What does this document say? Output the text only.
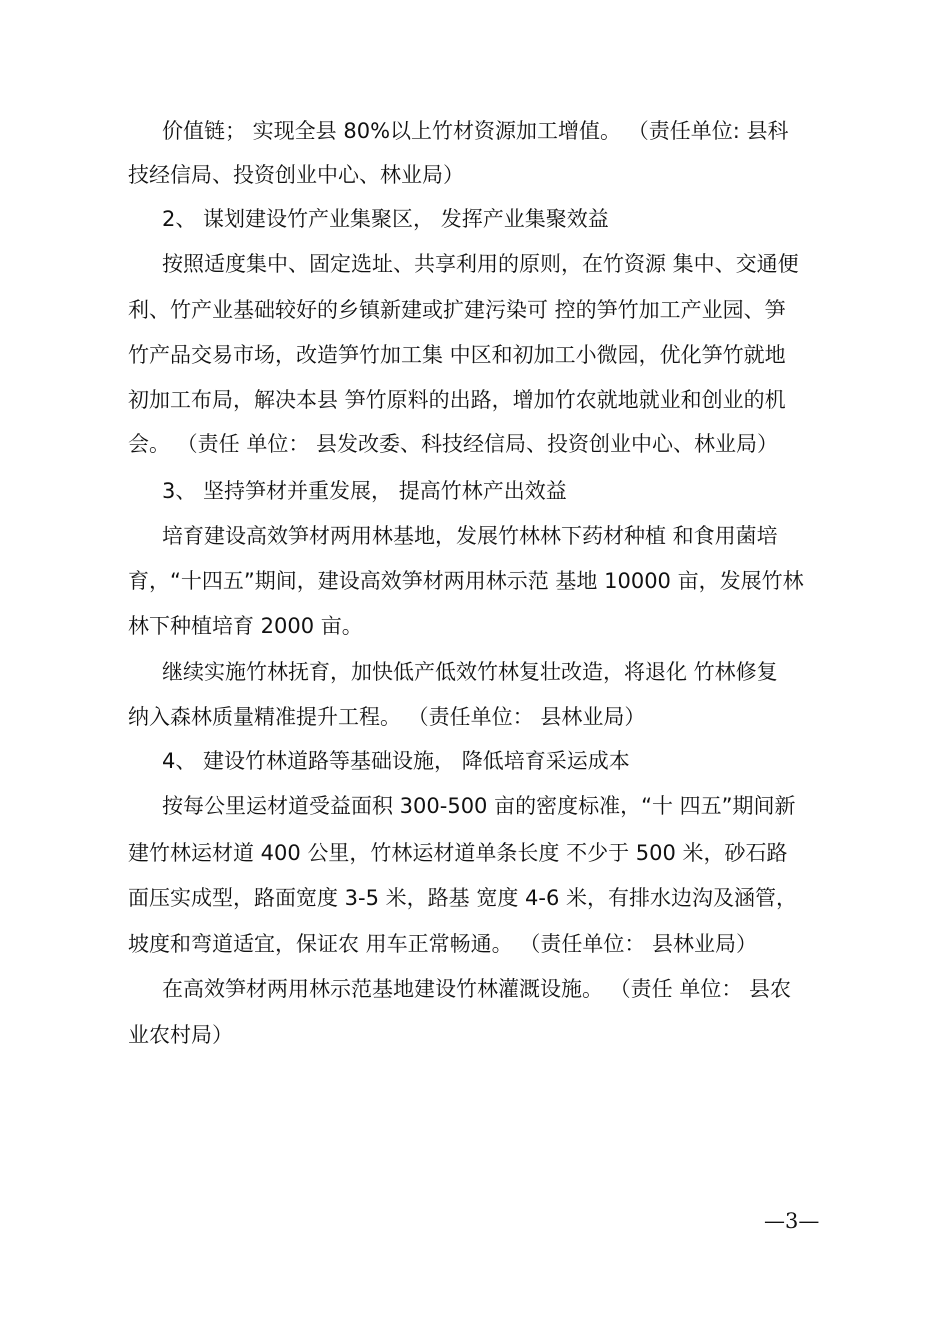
价值链； 实现全县 80%以上竹材资源加工增值。 （责任单位: 县科
技经信局、投资创业中心、林业局）
2、 谋划建设竹产业集聚区， 发挥产业集聚效益
按照适度集中、固定选址、共享利用的原则，在竹资源 集中、交通便
利、竹产业基础较好的乡镇新建或扩建污染可 控的笋竹加工产业园、笋
竹产品交易市场，改造笋竹加工集 中区和初加工小微园，优化笋竹就地
初加工布局，解决本县 笋竹原料的出路，增加竹农就地就业和创业的机
会。 （责任 单位： 县发改委、科技经信局、投资创业中心、林业局）
3、 坚持笋材并重发展， 提高竹林产出效益
培育建设高效笋材两用林基地，发展竹林林下药材种植 和食用菌培
育，“十四五”期间，建设高效笋材两用林示范 基地 10000 亩，发展竹林
林下种植培育 2000 亩。
继续实施竹林抚育，加快低产低效竹林复壮改造，将退化 竹林修复
纳入森林质量精准提升工程。 （责任单位： 县林业局）
4、 建设竹林道路等基础设施， 降低培育采运成本
按每公里运材道受益面积 300-500 亩的密度标准，“十 四五”期间新
建竹林运材道 400 公里，竹林运材道单条长度 不少于 500 米，砂石路
面压实成型，路面宽度 3-5 米，路基 宽度 4-6 米，有排水边沟及涵管，
坡度和弯道适宜，保证农 用车正常畅通。 （责任单位： 县林业局）
在高效笋材两用林示范基地建设竹林灌溉设施。 （责任 单位： 县农
业农村局）
—3—
